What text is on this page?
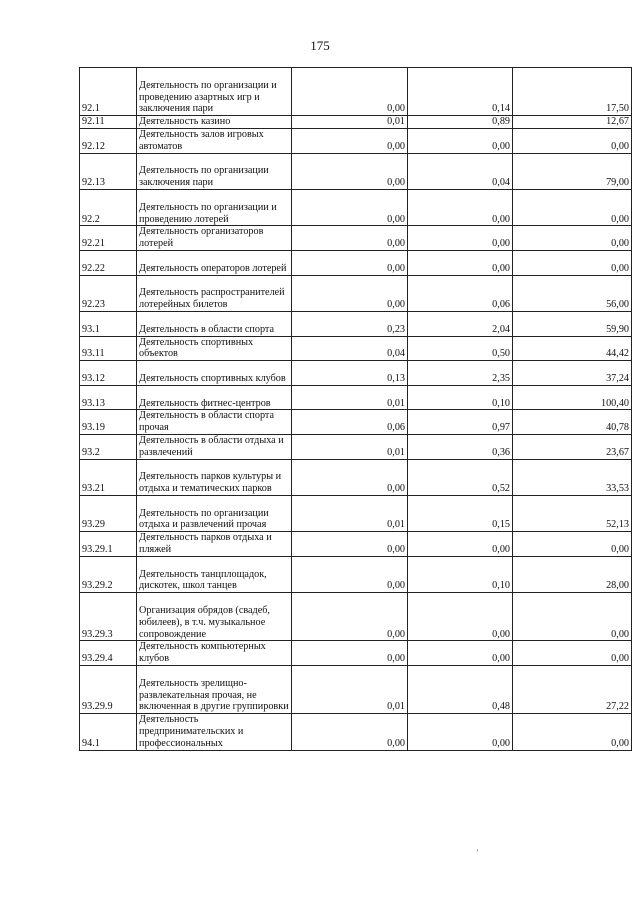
175
92.1	Деятельность по организации и проведению азартных игр и заключения пари	0,00	0,14	17,50
92.11	Деятельность казино	0,01	0,89	12,67
92.12	Деятельность залов игровых автоматов	0,00	0,00	0,00
92.13	Деятельность по организации заключения пари	0,00	0,04	79,00
92.2	Деятельность по организации и проведению лотерей	0,00	0,00	0,00
92.21	Деятельность организаторов лотерей	0,00	0,00	0,00
92.22	Деятельность операторов лотерей	0,00	0,00	0,00
92.23	Деятельность распространителей лотерейных билетов	0,00	0,06	56,00
93.1	Деятельность в области спорта	0,23	2,04	59,90
93.11	Деятельность спортивных объектов	0,04	0,50	44,42
93.12	Деятельность спортивных клубов	0,13	2,35	37,24
93.13	Деятельность фитнес-центров	0,01	0,10	100,40
93.19	Деятельность в области спорта прочая	0,06	0,97	40,78
93.2	Деятельность в области отдыха и развлечений	0,01	0,36	23,67
93.21	Деятельность парков культуры и отдыха и тематических парков	0,00	0,52	33,53
93.29	Деятельность по организации отдыха и развлечений прочая	0,01	0,15	52,13
93.29.1	Деятельность парков отдыха и пляжей	0,00	0,00	0,00
93.29.2	Деятельность танцплощадок, дискотек, школ танцев	0,00	0,10	28,00
93.29.3	Организация обрядов (свадеб, юбилеев), в т.ч. музыкальное сопровождение	0,00	0,00	0,00
93.29.4	Деятельность компьютерных клубов	0,00	0,00	0,00
93.29.9	Деятельность зрелищно-развлекательная прочая, не включенная в другие группировки	0,01	0,48	27,22
94.1	Деятельность предпринимательских и профессиональных	0,00	0,00	0,00
’
